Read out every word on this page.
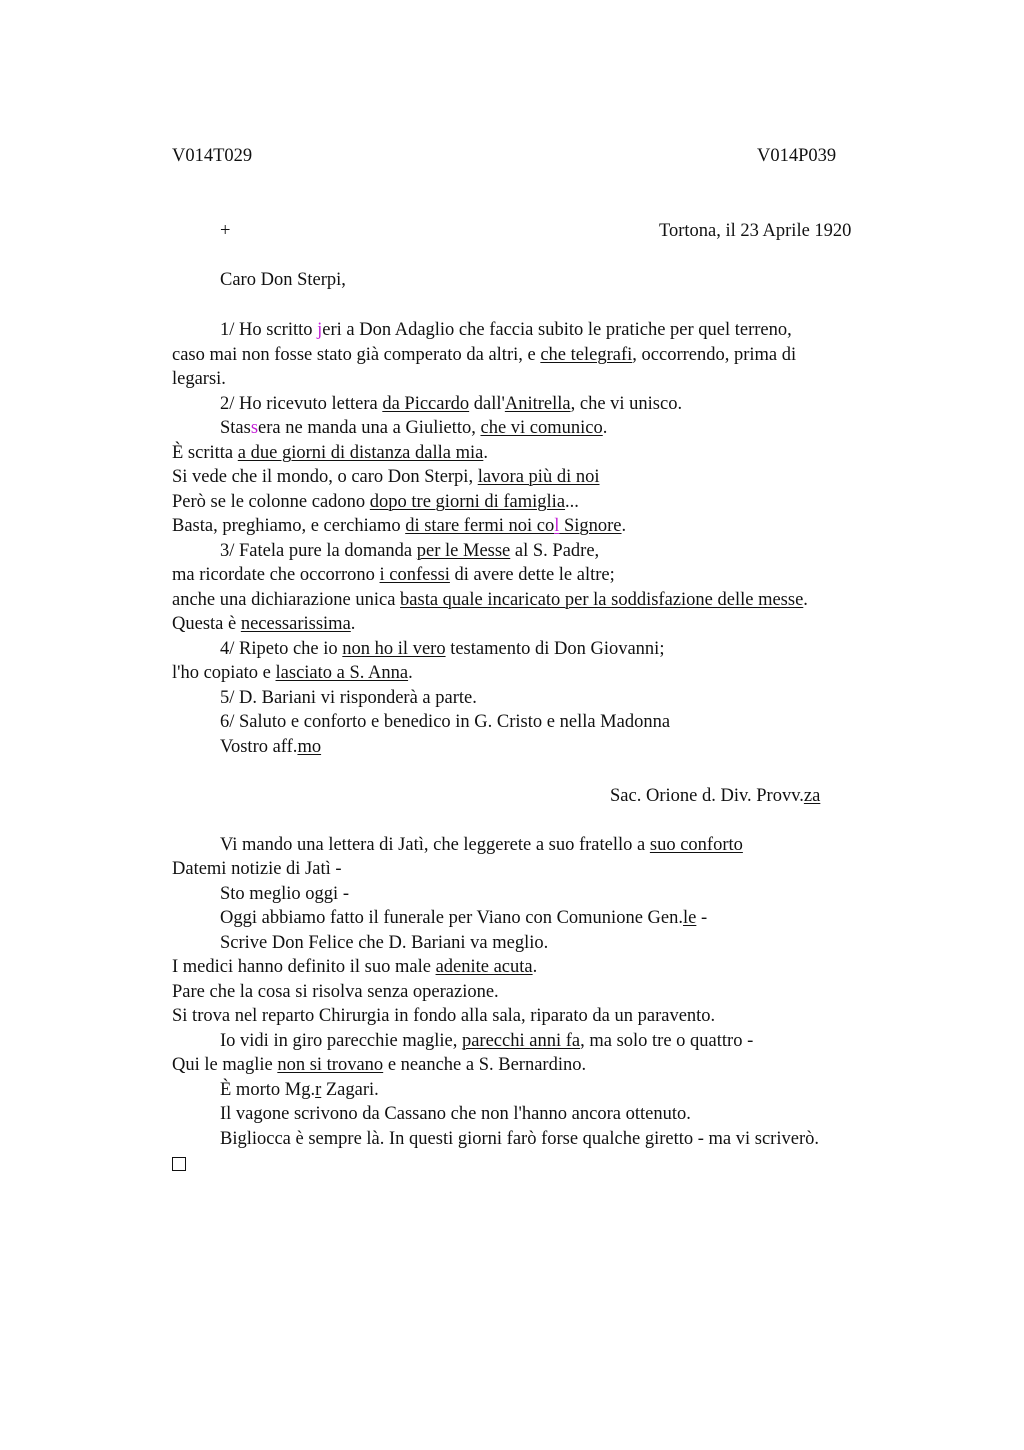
V014T029	V014P039
+	Tortona, il 23 Aprile 1920
Caro Don Sterpi,
1/ Ho scritto jeri a Don Adaglio che faccia subito le pratiche per quel terreno,
caso mai non fosse stato già comperato da altri, e che telegrafi, occorrendo, prima di
legarsi.
2/ Ho ricevuto lettera da Piccardo dall'Anitrella, che vi unisco.
Stassera ne manda una a Giulietto, che vi comunico.
È scritta a due giorni di distanza dalla mia.
Si vede che il mondo, o caro Don Sterpi, lavora più di noi
Però se le colonne cadono dopo tre giorni di famiglia...
Basta, preghiamo, e cerchiamo di stare fermi noi col Signore.
3/ Fatela pure la domanda per le Messe al S. Padre,
ma ricordate che occorrono i confessi di avere dette le altre;
anche una dichiarazione unica basta quale incaricato per la soddisfazione delle messe.
Questa è necessarissima.
4/ Ripeto che io non ho il vero testamento di Don Giovanni;
l'ho copiato e lasciato a S. Anna.
5/ D. Bariani vi risponderà a parte.
6/ Saluto e conforto e benedico in G. Cristo e nella Madonna
Vostro aff.mo
Sac. Orione d. Div. Provv.za
Vi mando una lettera di Jatì, che leggerete a suo fratello a suo conforto
Datemi notizie di Jatì -
Sto meglio oggi -
Oggi abbiamo fatto il funerale per Viano con Comunione Gen.le -
Scrive Don Felice che D. Bariani va meglio.
I medici hanno definito il suo male adenite acuta.
Pare che la cosa si risolva senza operazione.
Si trova nel reparto Chirurgia in fondo alla sala, riparato da un paravento.
Io vidi in giro parecchie maglie, parecchi anni fa, ma solo tre o quattro -
Qui le maglie non si trovano e neanche a S. Bernardino.
È morto Mg.r Zagari.
Il vagone scrivono da Cassano che non l'hanno ancora ottenuto.
Bigliocca è sempre là. In questi giorni farò forse qualche giretto - ma vi scriverò.
